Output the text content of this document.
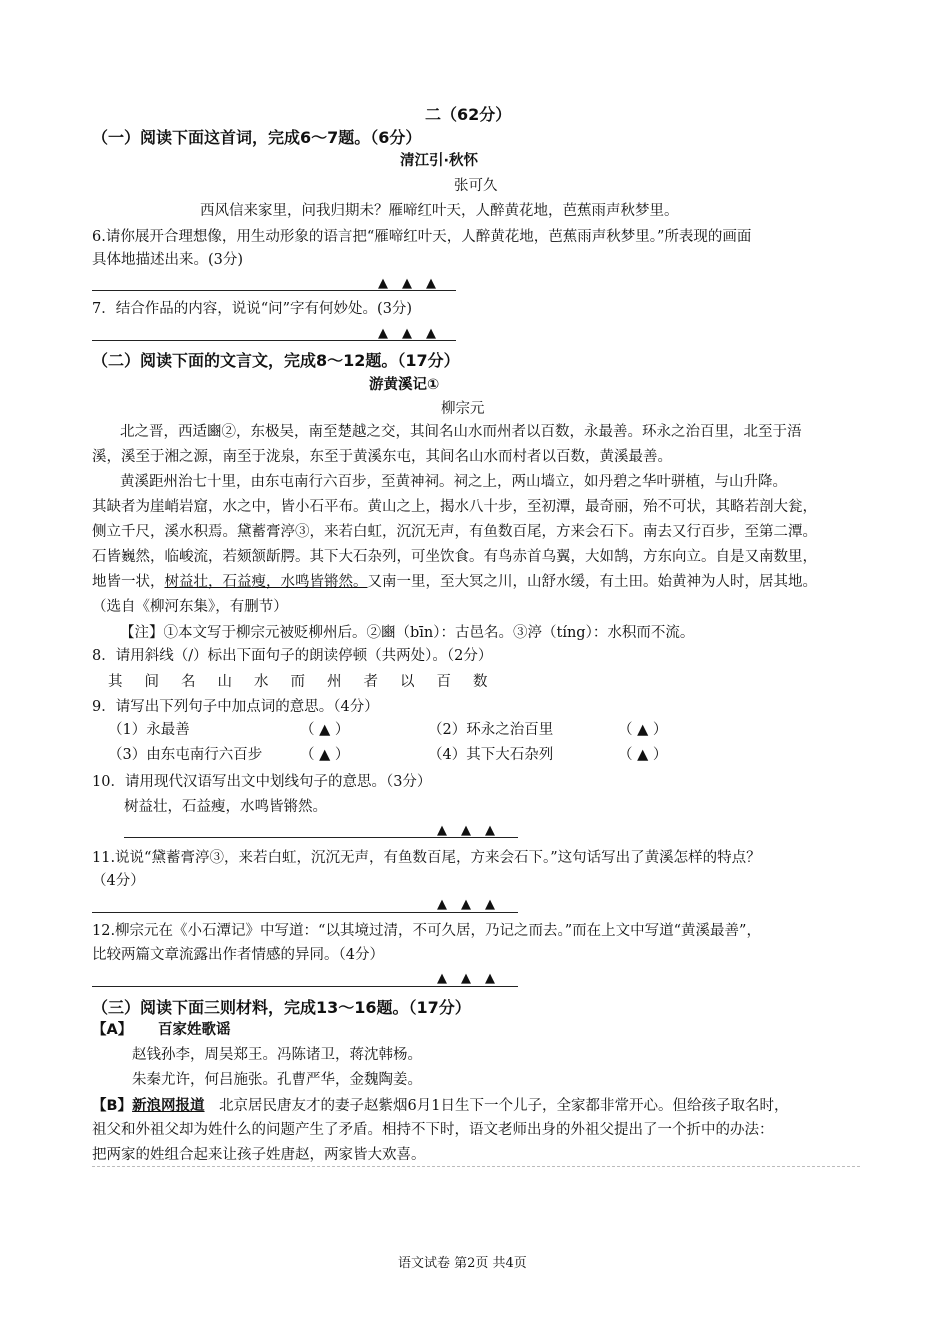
二（62分）
（一）阅读下面这首词，完成6～7题。（6分）
清江引·秋怀
张可久
西风信来家里，问我归期未？雁啼红叶天，人醉黄花地，芭蕉雨声秋梦里。
6.请你展开合理想像，用生动形象的语言把“雁啼红叶天，人醉黄花地，芭蕉雨声秋梦里。”所表现的画面
具体地描述出来。(3分)
▲▲▲
7．结合作品的内容，说说“问”字有何妙处。(3分)
▲▲▲
（二）阅读下面的文言文，完成8～12题。（17分）
游黄溪记①
柳宗元
北之晋，西适豳②，东极吴，南至楚越之交，其间名山水而州者以百数，永最善。环永之治百里，北至于浯
溪，溪至于湘之源，南至于泷泉，东至于黄溪东屯，其间名山水而村者以百数，黄溪最善。
黄溪距州治七十里，由东屯南行六百步，至黄神祠。祠之上，两山墙立，如丹碧之华叶骈植，与山升降。
其缺者为崖峭岩窟，水之中，皆小石平布。黄山之上，揭水八十步，至初潭，最奇丽，殆不可状，其略若剖大瓮，
侧立千尺，溪水积焉。黛蓄膏渟③，来若白虹，沉沉无声，有鱼数百尾，方来会石下。南去又行百步，至第二潭。
石皆巍然，临峻流，若颏颔龂腭。其下大石杂列，可坐饮食。有鸟赤首乌翼，大如鹄，方东向立。自是又南数里，
地皆一状，树益壮，石益瘦，水鸣皆锵然。又南一里，至大冥之川，山舒水缓，有土田。始黄神为人时，居其地。
（选自《柳河东集》，有删节）
【注】①本文写于柳宗元被贬柳州后。②豳（bīn）：古邑名。③渟（tíng）：水积而不流。
8．请用斜线（/）标出下面句子的朗读停顿（共两处）。（2分）
其间名山水而州者以百数
9．请写出下列句子中加点词的意思。（4分）
（1）永最善	（ ▲ ）	（2）环永之治百里	（ ▲ ）
（3）由东屯南行六百步	（ ▲ ）	（4）其下大石杂列	（ ▲ ）
10．请用现代汉语写出文中划线句子的意思。（3分）
树益壮，石益瘦，水鸣皆锵然。
▲▲▲
11.说说“黛蓄膏渟③，来若白虹，沉沉无声，有鱼数百尾，方来会石下。”这句话写出了黄溪怎样的特点？
（4分）
▲▲▲
12.柳宗元在《小石潭记》中写道：“以其境过清，不可久居，乃记之而去。”而在上文中写道“黄溪最善”，
比较两篇文章流露出作者情感的异同。（4分）
▲▲▲
（三）阅读下面三则材料，完成13～16题。（17分）
【A】 百家姓歌谣
赵钱孙李，周吴郑王。冯陈诸卫，蒋沈韩杨。
朱秦尤许，何吕施张。孔曹严华，金魏陶姜。
【B】新浪网报道  北京居民唐友才的妻子赵紫烟6月1日生下一个儿子，全家都非常开心。但给孩子取名时，
祖父和外祖父却为姓什么的问题产生了矛盾。相持不下时，语文老师出身的外祖父提出了一个折中的办法：
把两家的姓组合起来让孩子姓唐赵，两家皆大欢喜。
语文试卷 第2页 共4页
